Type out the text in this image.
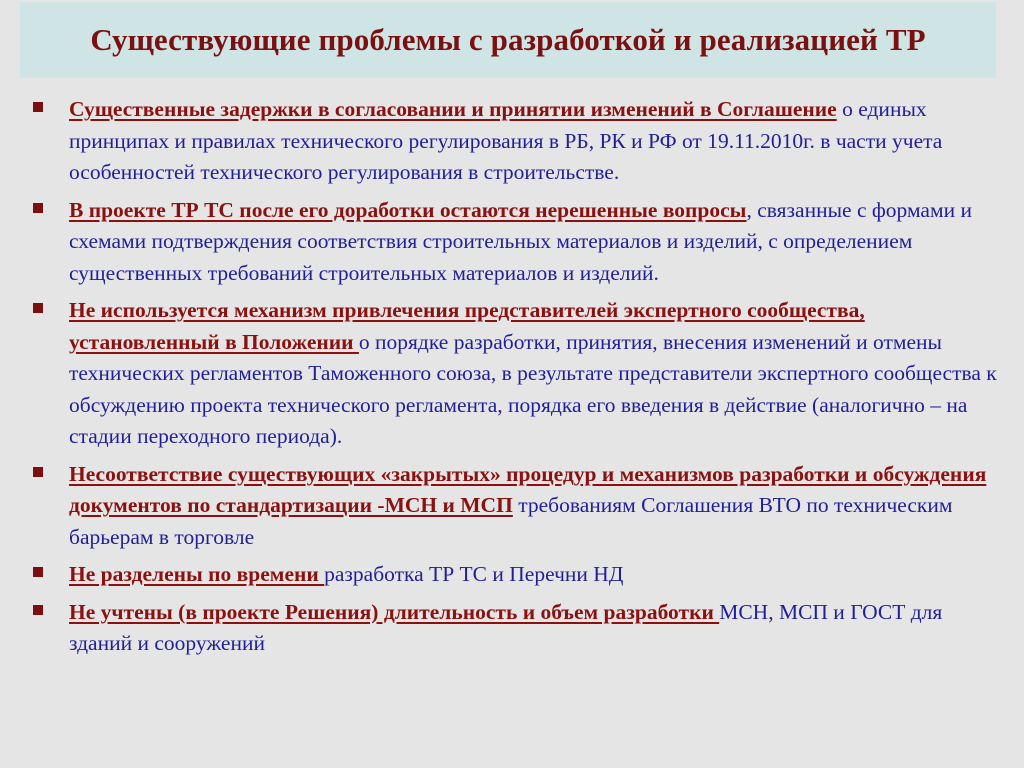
Существующие проблемы с разработкой и реализацией ТР
Существенные задержки в согласовании и принятии изменений в Соглашение о единых принципах и правилах технического регулирования в РБ, РК и РФ от 19.11.2010г. в части учета особенностей технического регулирования в строительстве.
В проекте ТР ТС после его доработки остаются нерешенные вопросы, связанные с формами и схемами подтверждения соответствия строительных материалов и изделий, с определением существенных требований строительных материалов и изделий.
Не используется механизм привлечения представителей экспертного сообщества, установленный в Положении о порядке разработки, принятия, внесения изменений и отмены технических регламентов Таможенного союза, в результате представители экспертного сообщества к обсуждению проекта технического регламента, порядка его введения в действие (аналогично – на стадии переходного периода).
Несоответствие существующих «закрытых» процедур и механизмов разработки и обсуждения документов по стандартизации -МСН и МСП требованиям Соглашения ВТО по техническим барьерам в торговле
Не разделены по времени разработка ТР ТС и Перечни НД
Не учтены (в проекте Решения) длительность и объем разработки МСН, МСП и ГОСТ для зданий и сооружений
